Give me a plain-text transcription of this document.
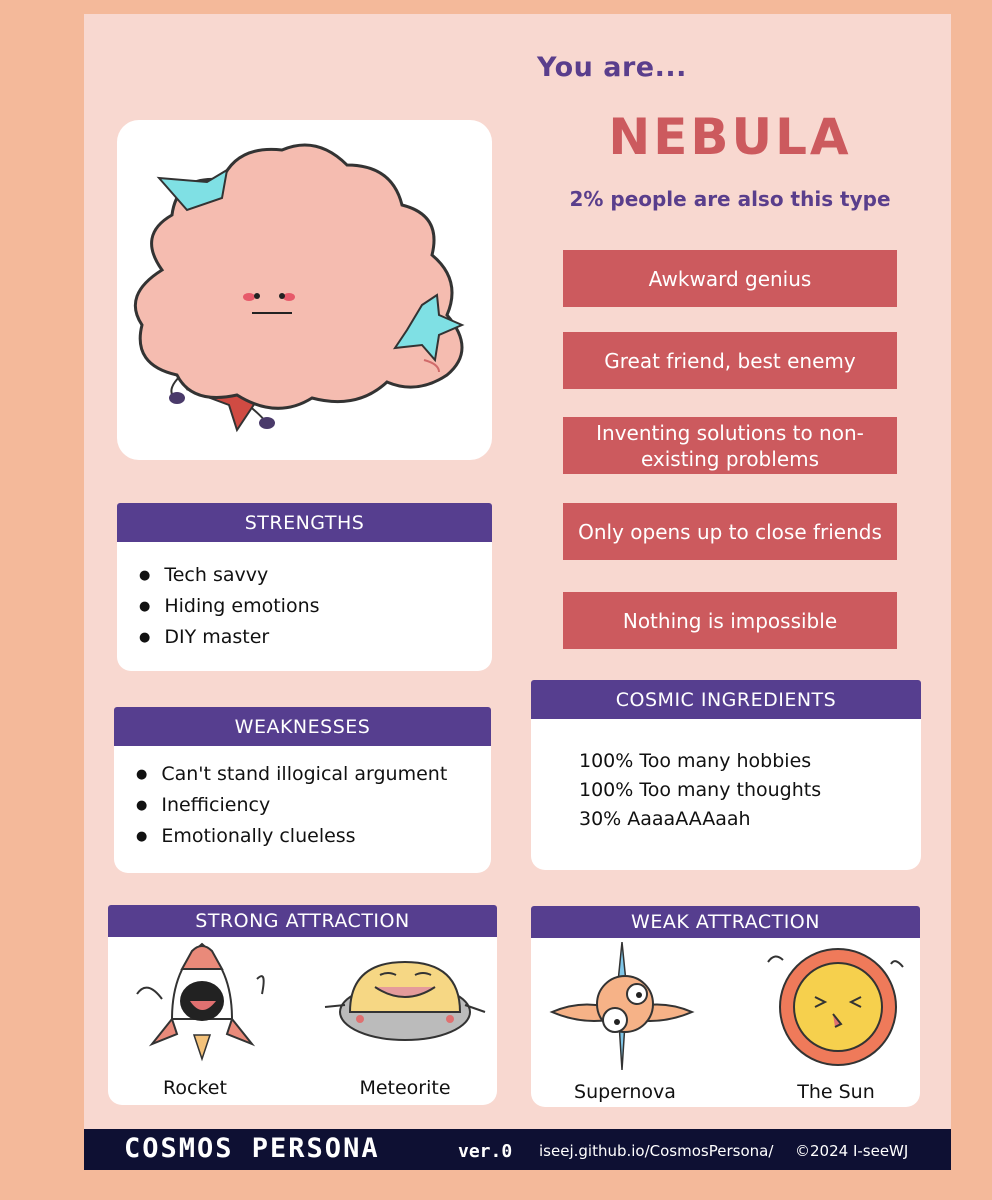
You are...
NEBULA
2% people are also this type
Awkward genius
Great friend, best enemy
Inventing solutions to non-existing problems
Only opens up to close friends
Nothing is impossible
STRENGTHS
● Tech savvy
● Hiding emotions
● DIY master
WEAKNESSES
● Can't stand illogical argument
● Inefficiency
● Emotionally clueless
COSMIC INGREDIENTS
100% Too many hobbies
100% Too many thoughts
30% AaaaAAAaah
STRONG ATTRACTION
Rocket	Meteorite
WEAK ATTRACTION
Supernova	The Sun
COSMOS PERSONA	ver.0 iseej.github.io/CosmosPersona/ ©2024 I-seeWJ
